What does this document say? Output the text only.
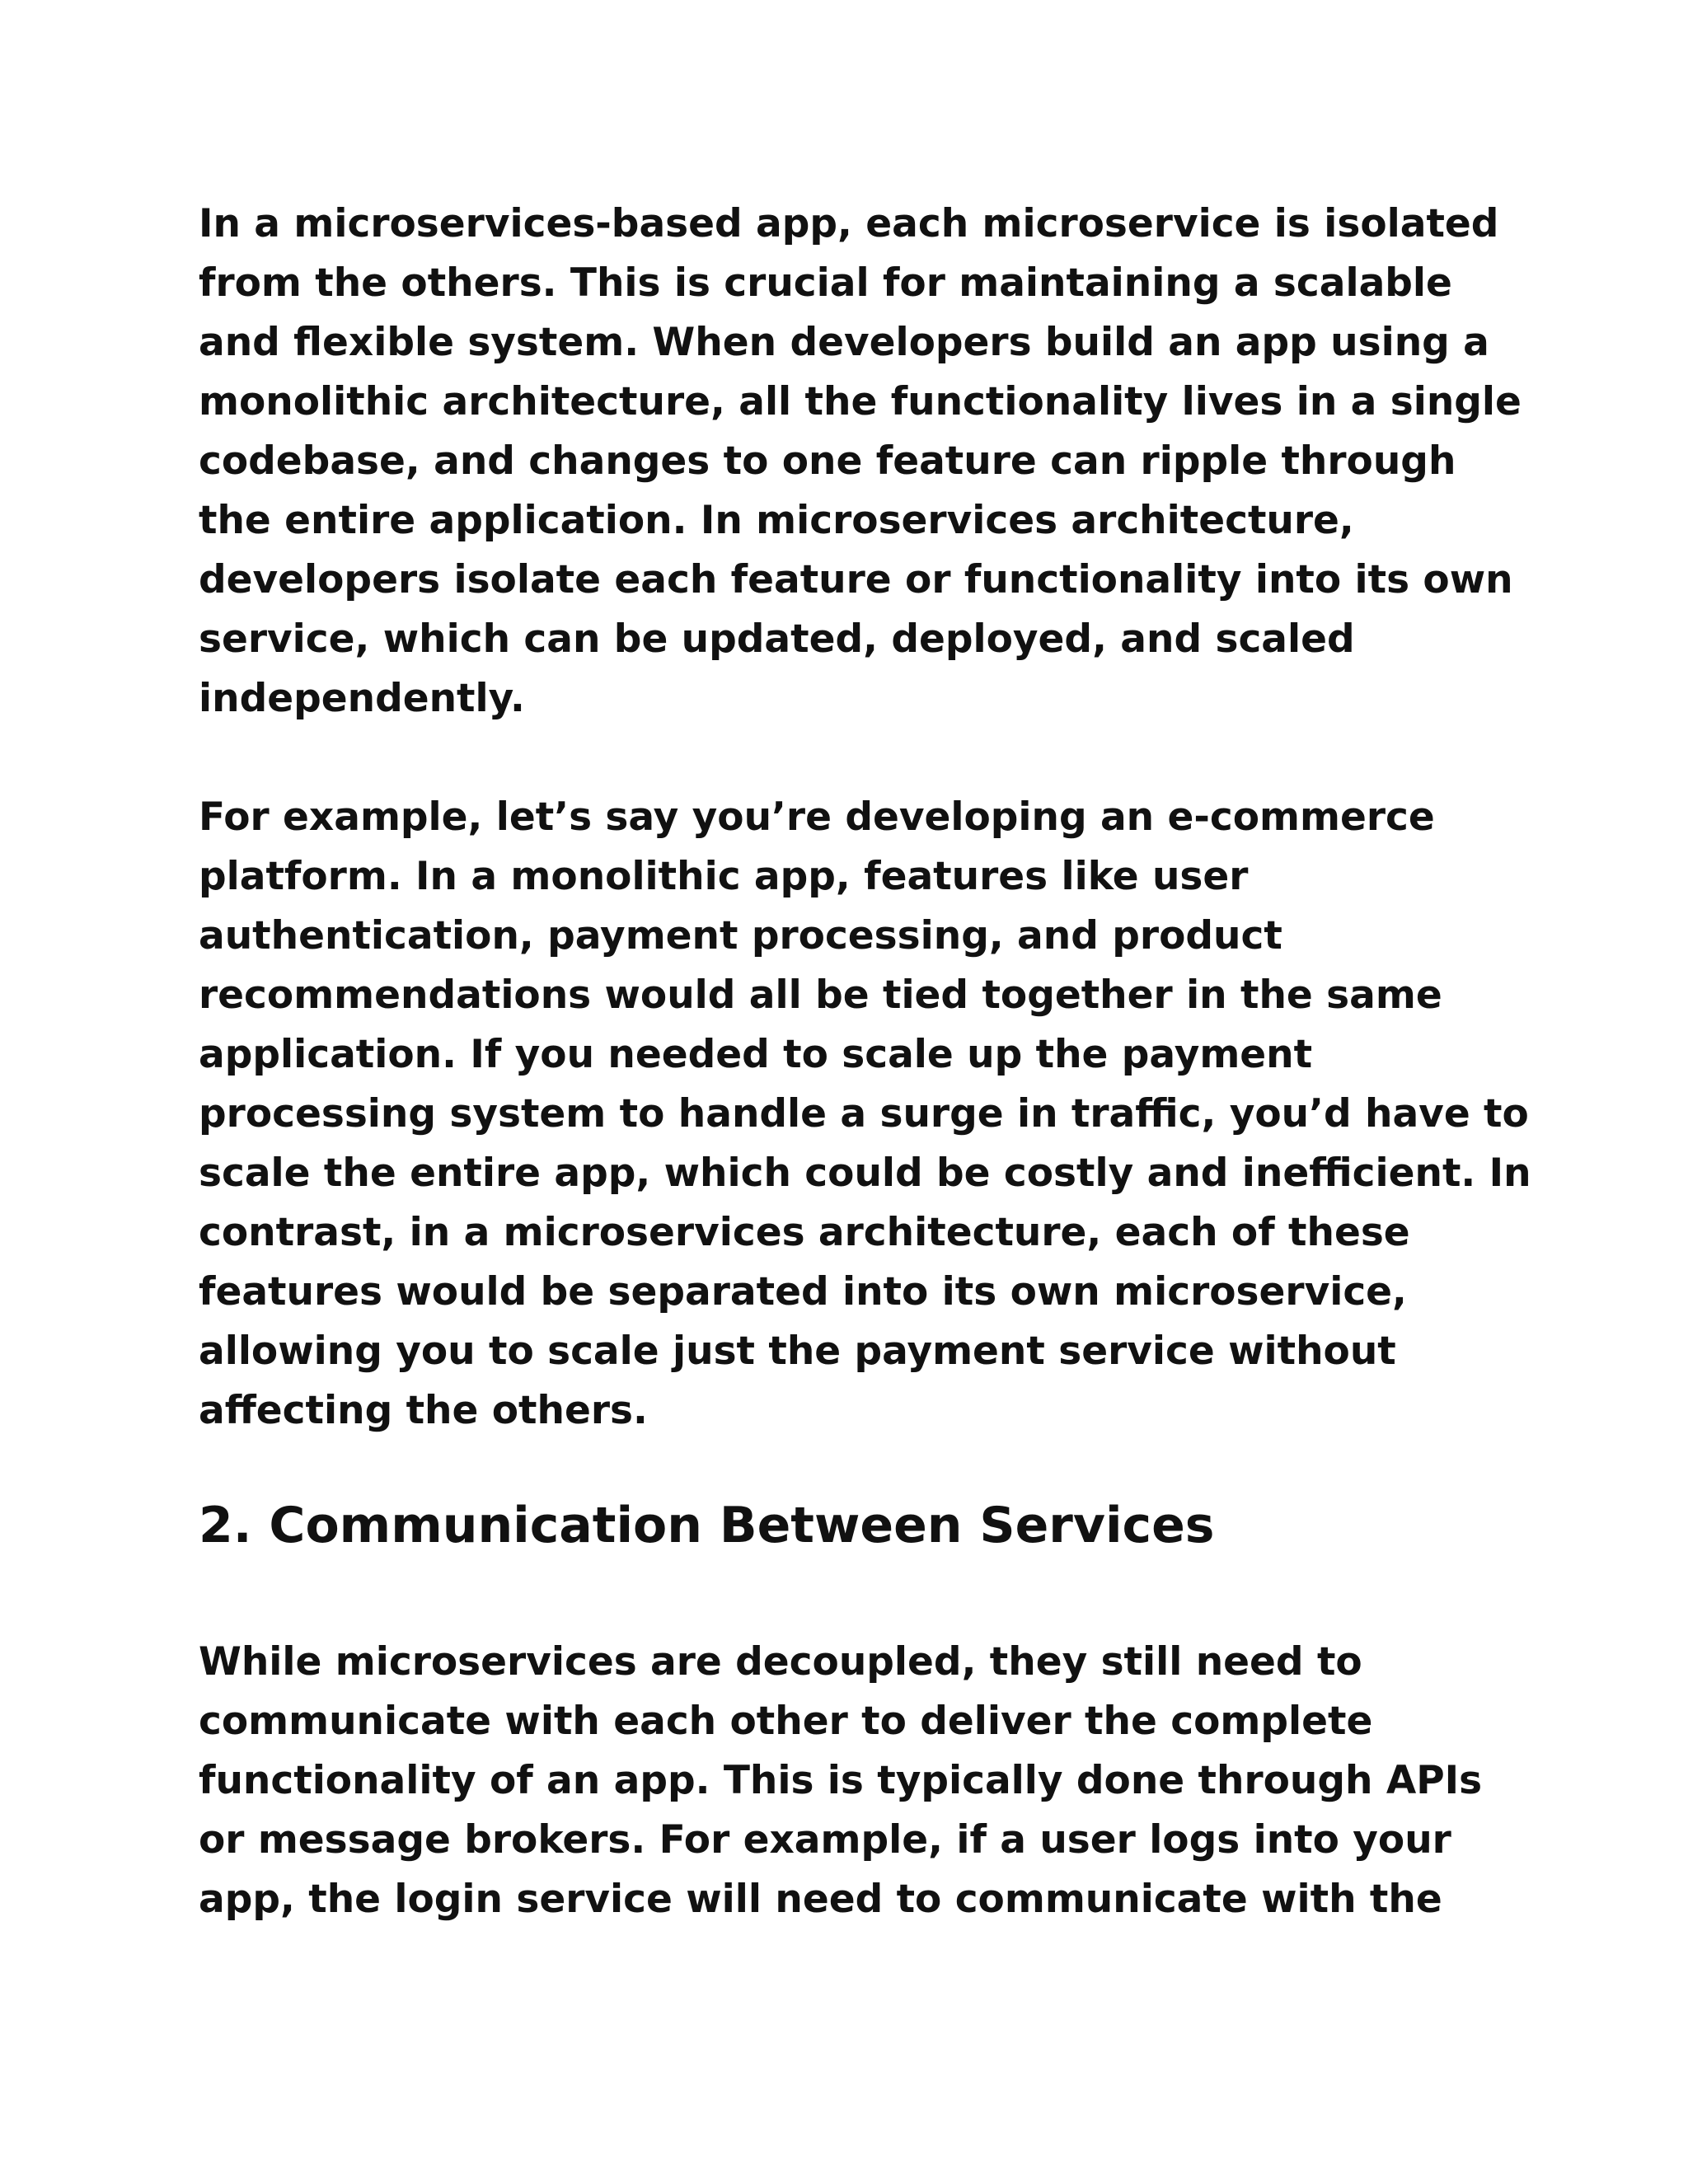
In a microservices-based app, each microservice is isolated
from the others. This is crucial for maintaining a scalable
and flexible system. When developers build an app using a
monolithic architecture, all the functionality lives in a single
codebase, and changes to one feature can ripple through
the entire application. In microservices architecture,
developers isolate each feature or functionality into its own
service, which can be updated, deployed, and scaled
independently.

For example, let’s say you’re developing an e-commerce
platform. In a monolithic app, features like user
authentication, payment processing, and product
recommendations would all be tied together in the same
application. If you needed to scale up the payment
processing system to handle a surge in traffic, you’d have to
scale the entire app, which could be costly and inefficient. In
contrast, in a microservices architecture, each of these
features would be separated into its own microservice,
allowing you to scale just the payment service without
affecting the others.

2. Communication Between Services

While microservices are decoupled, they still need to
communicate with each other to deliver the complete
functionality of an app. This is typically done through APIs
or message brokers. For example, if a user logs into your
app, the login service will need to communicate with the
